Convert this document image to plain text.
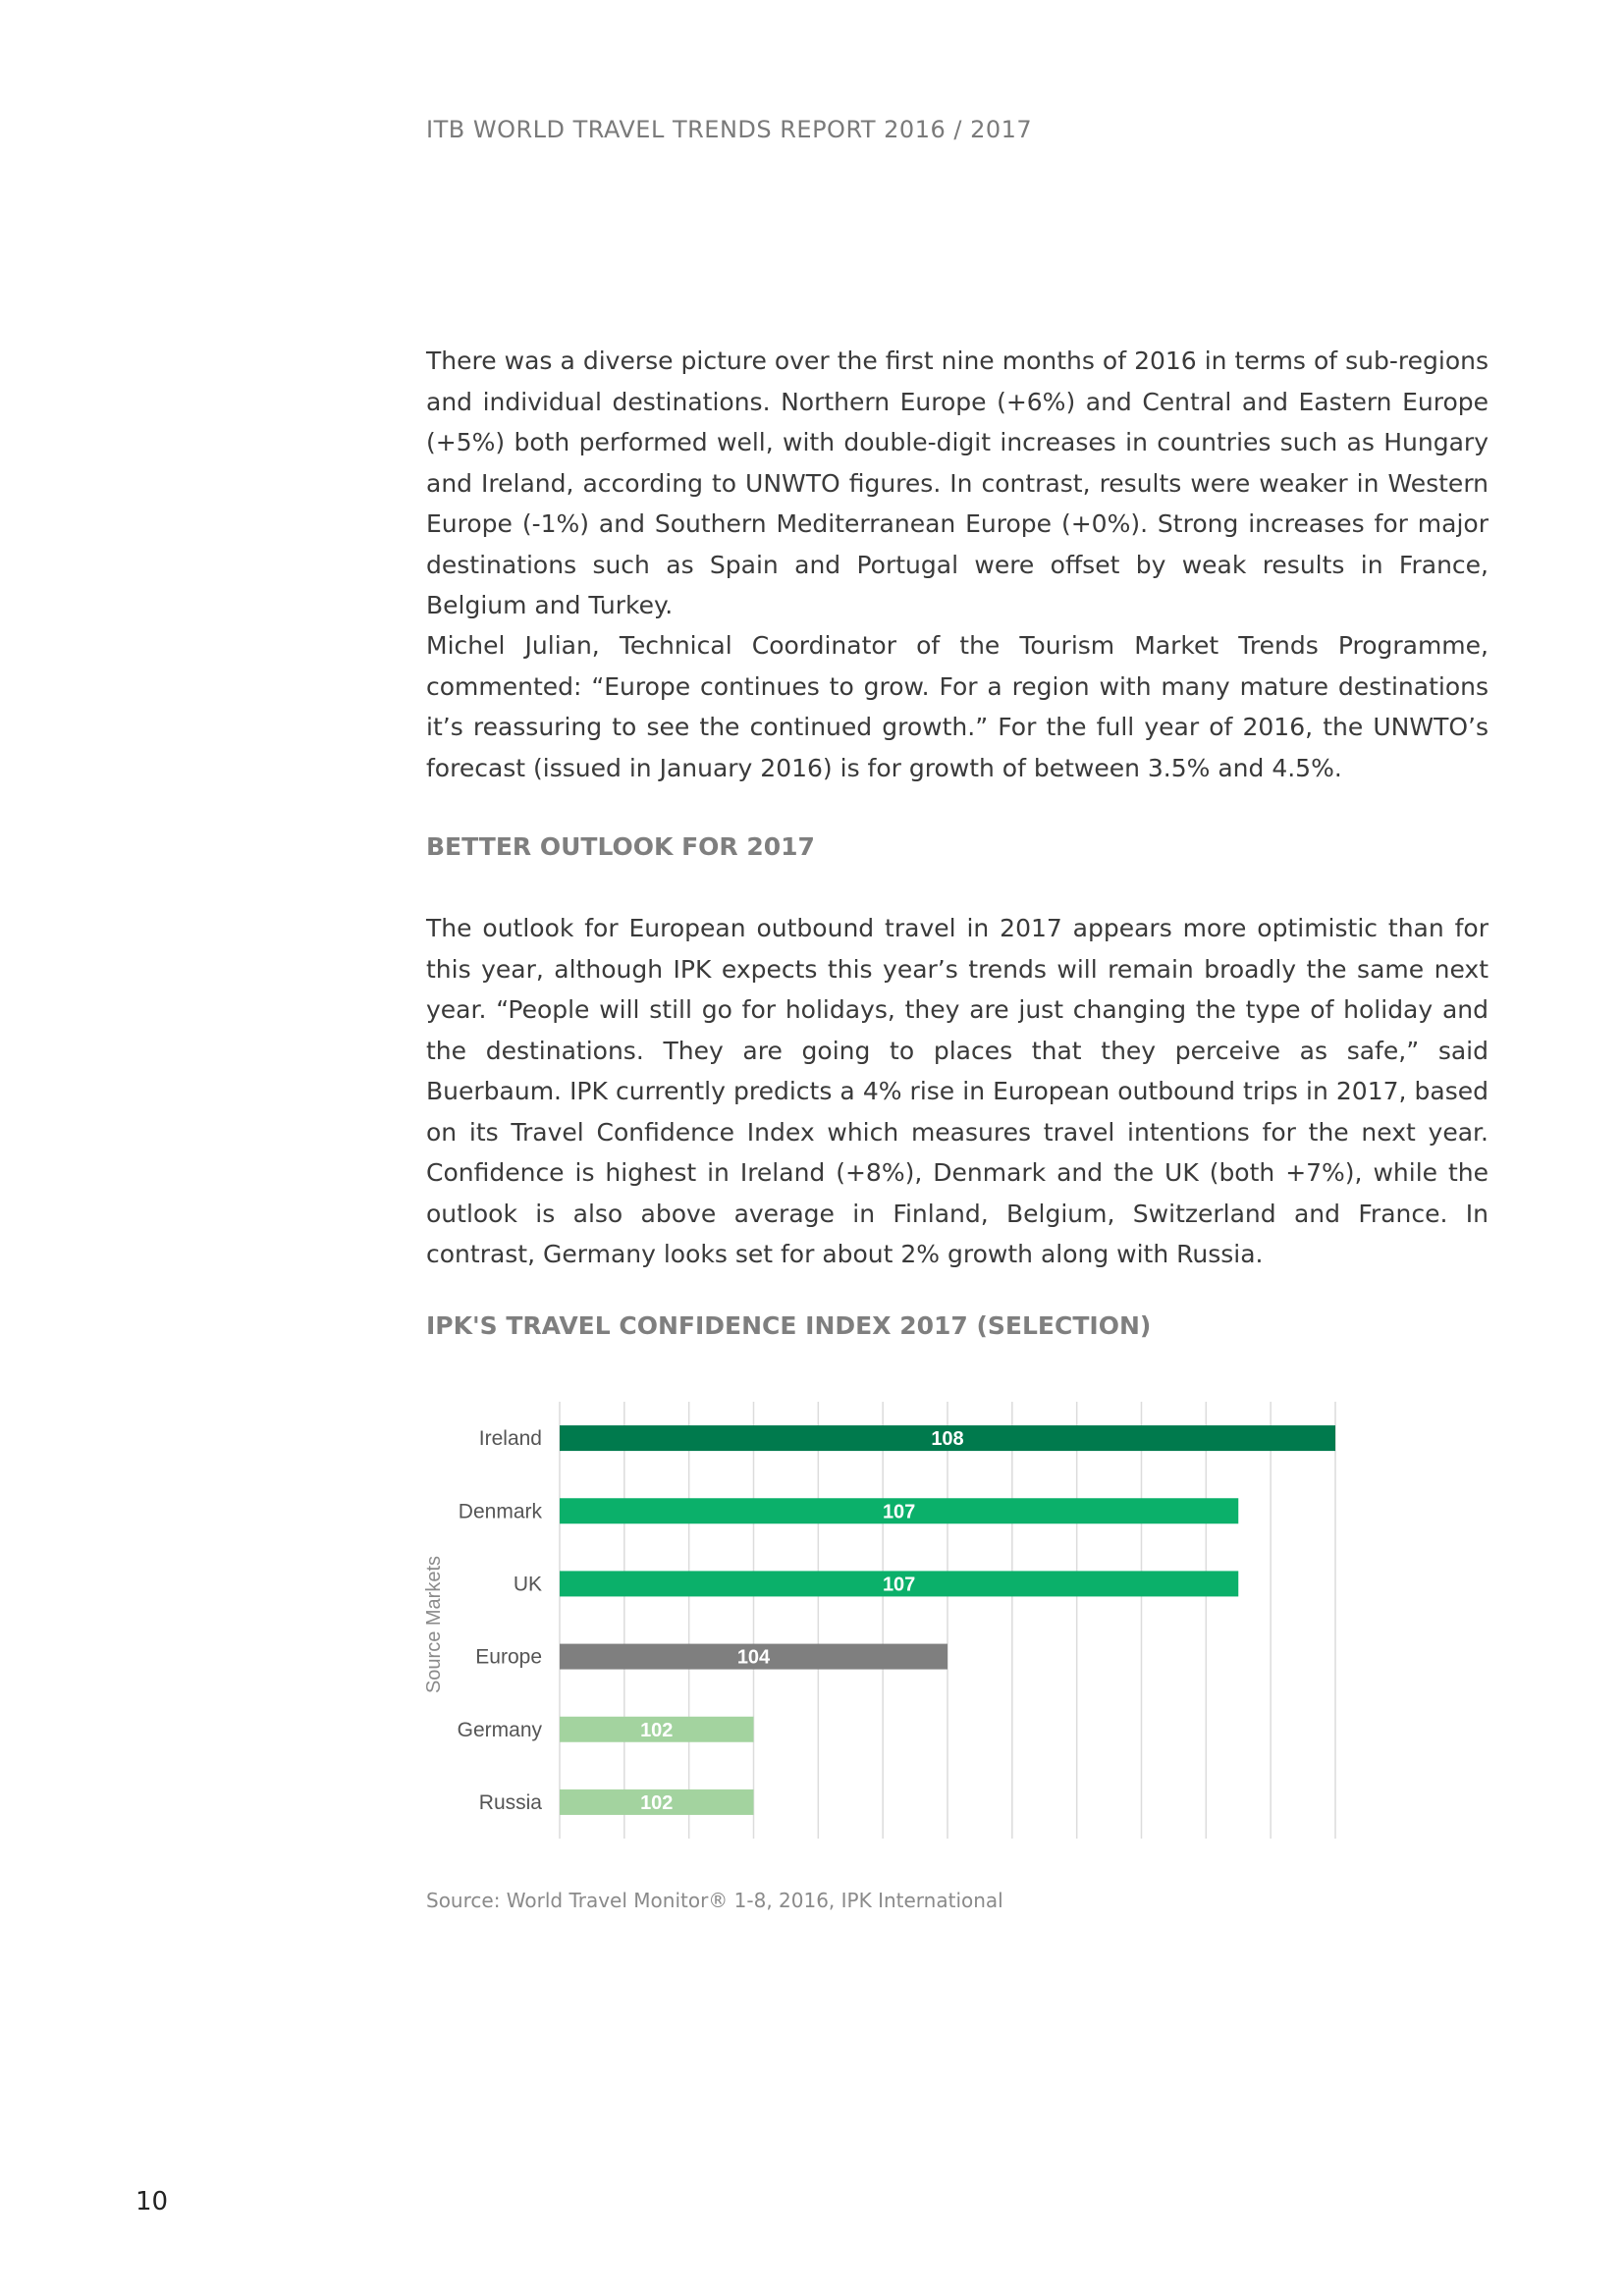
ITB WORLD TRAVEL TRENDS REPORT 2016 / 2017

There was a diverse picture over the first nine months of 2016 in terms of sub-regions and individual destinations. Northern Europe (+6%) and Central and Eastern Europe (+5%) both performed well, with double-digit increases in countries such as Hungary and Ireland, according to UNWTO figures. In contrast, results were weaker in Western Europe (-1%) and Southern Mediterranean Europe (+0%). Strong increases for major destinations such as Spain and Portugal were offset by weak results in France, Belgium and Turkey.

Michel Julian, Technical Coordinator of the Tourism Market Trends Programme, commented: “Europe continues to grow. For a region with many mature destinations it’s reassuring to see the continued growth.” For the full year of 2016, the UNWTO’s forecast (issued in January 2016) is for growth of between 3.5% and 4.5%.

BETTER OUTLOOK FOR 2017

The outlook for European outbound travel in 2017 appears more optimistic than for this year, although IPK expects this year’s trends will remain broadly the same next year. “People will still go for holidays, they are just changing the type of holiday and the destinations. They are going to places that they perceive as safe,” said Buerbaum. IPK currently predicts a 4% rise in European outbound trips in 2017, based on its Travel Confidence Index which measures travel intentions for the next year. Confidence is highest in Ireland (+8%), Denmark and the UK (both +7%), while the outlook is also above average in Finland, Belgium, Switzerland and France. In contrast, Germany looks set for about 2% growth along with Russia.

IPK'S TRAVEL CONFIDENCE INDEX 2017 (SELECTION)
108
107
107
104
102
102
Ireland
Denmark
UK
Europe
Germany
Russia
Source Markets
Source: World Travel Monitor® 1-8, 2016, IPK International
10
